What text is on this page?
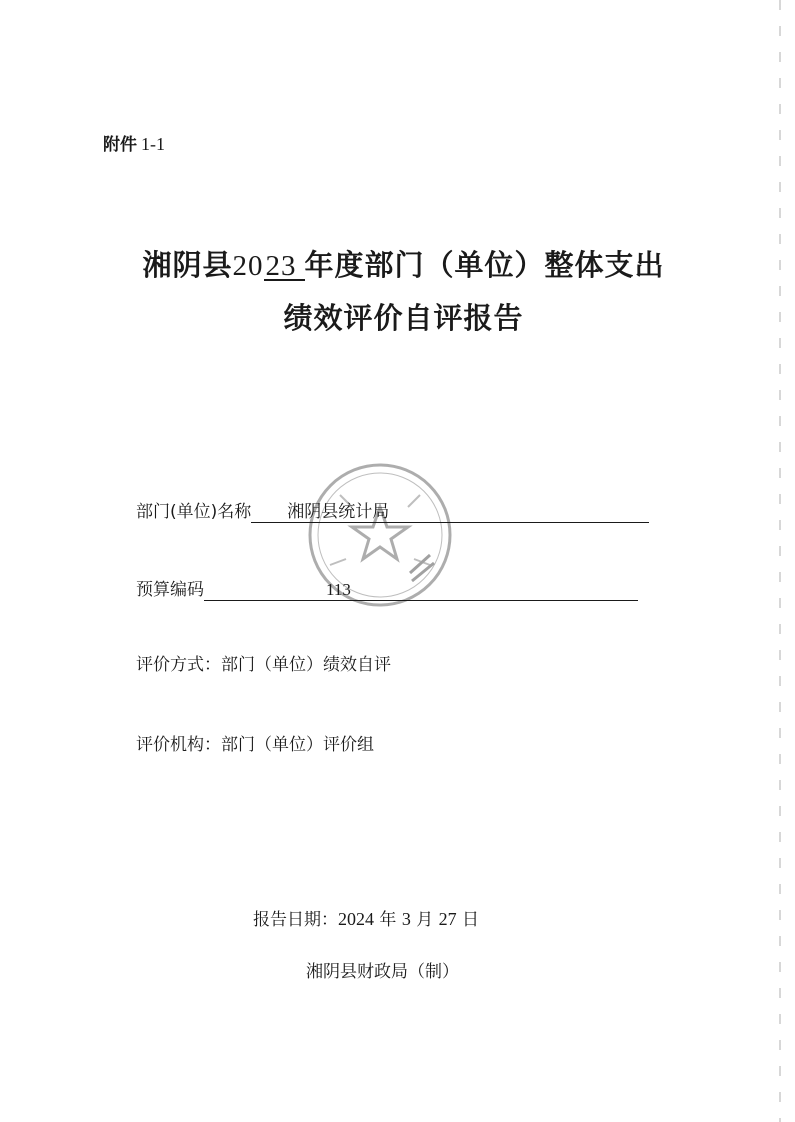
附件 1-1
湘阴县2023 年度部门（单位）整体支出
绩效评价自评报告
部门(单位)名称 湘阴县统计局
预算编码	113
评价方式：部门（单位）绩效自评
评价机构：部门（单位）评价组
报告日期：2024 年 3 月 27 日
湘阴县财政局（制）
